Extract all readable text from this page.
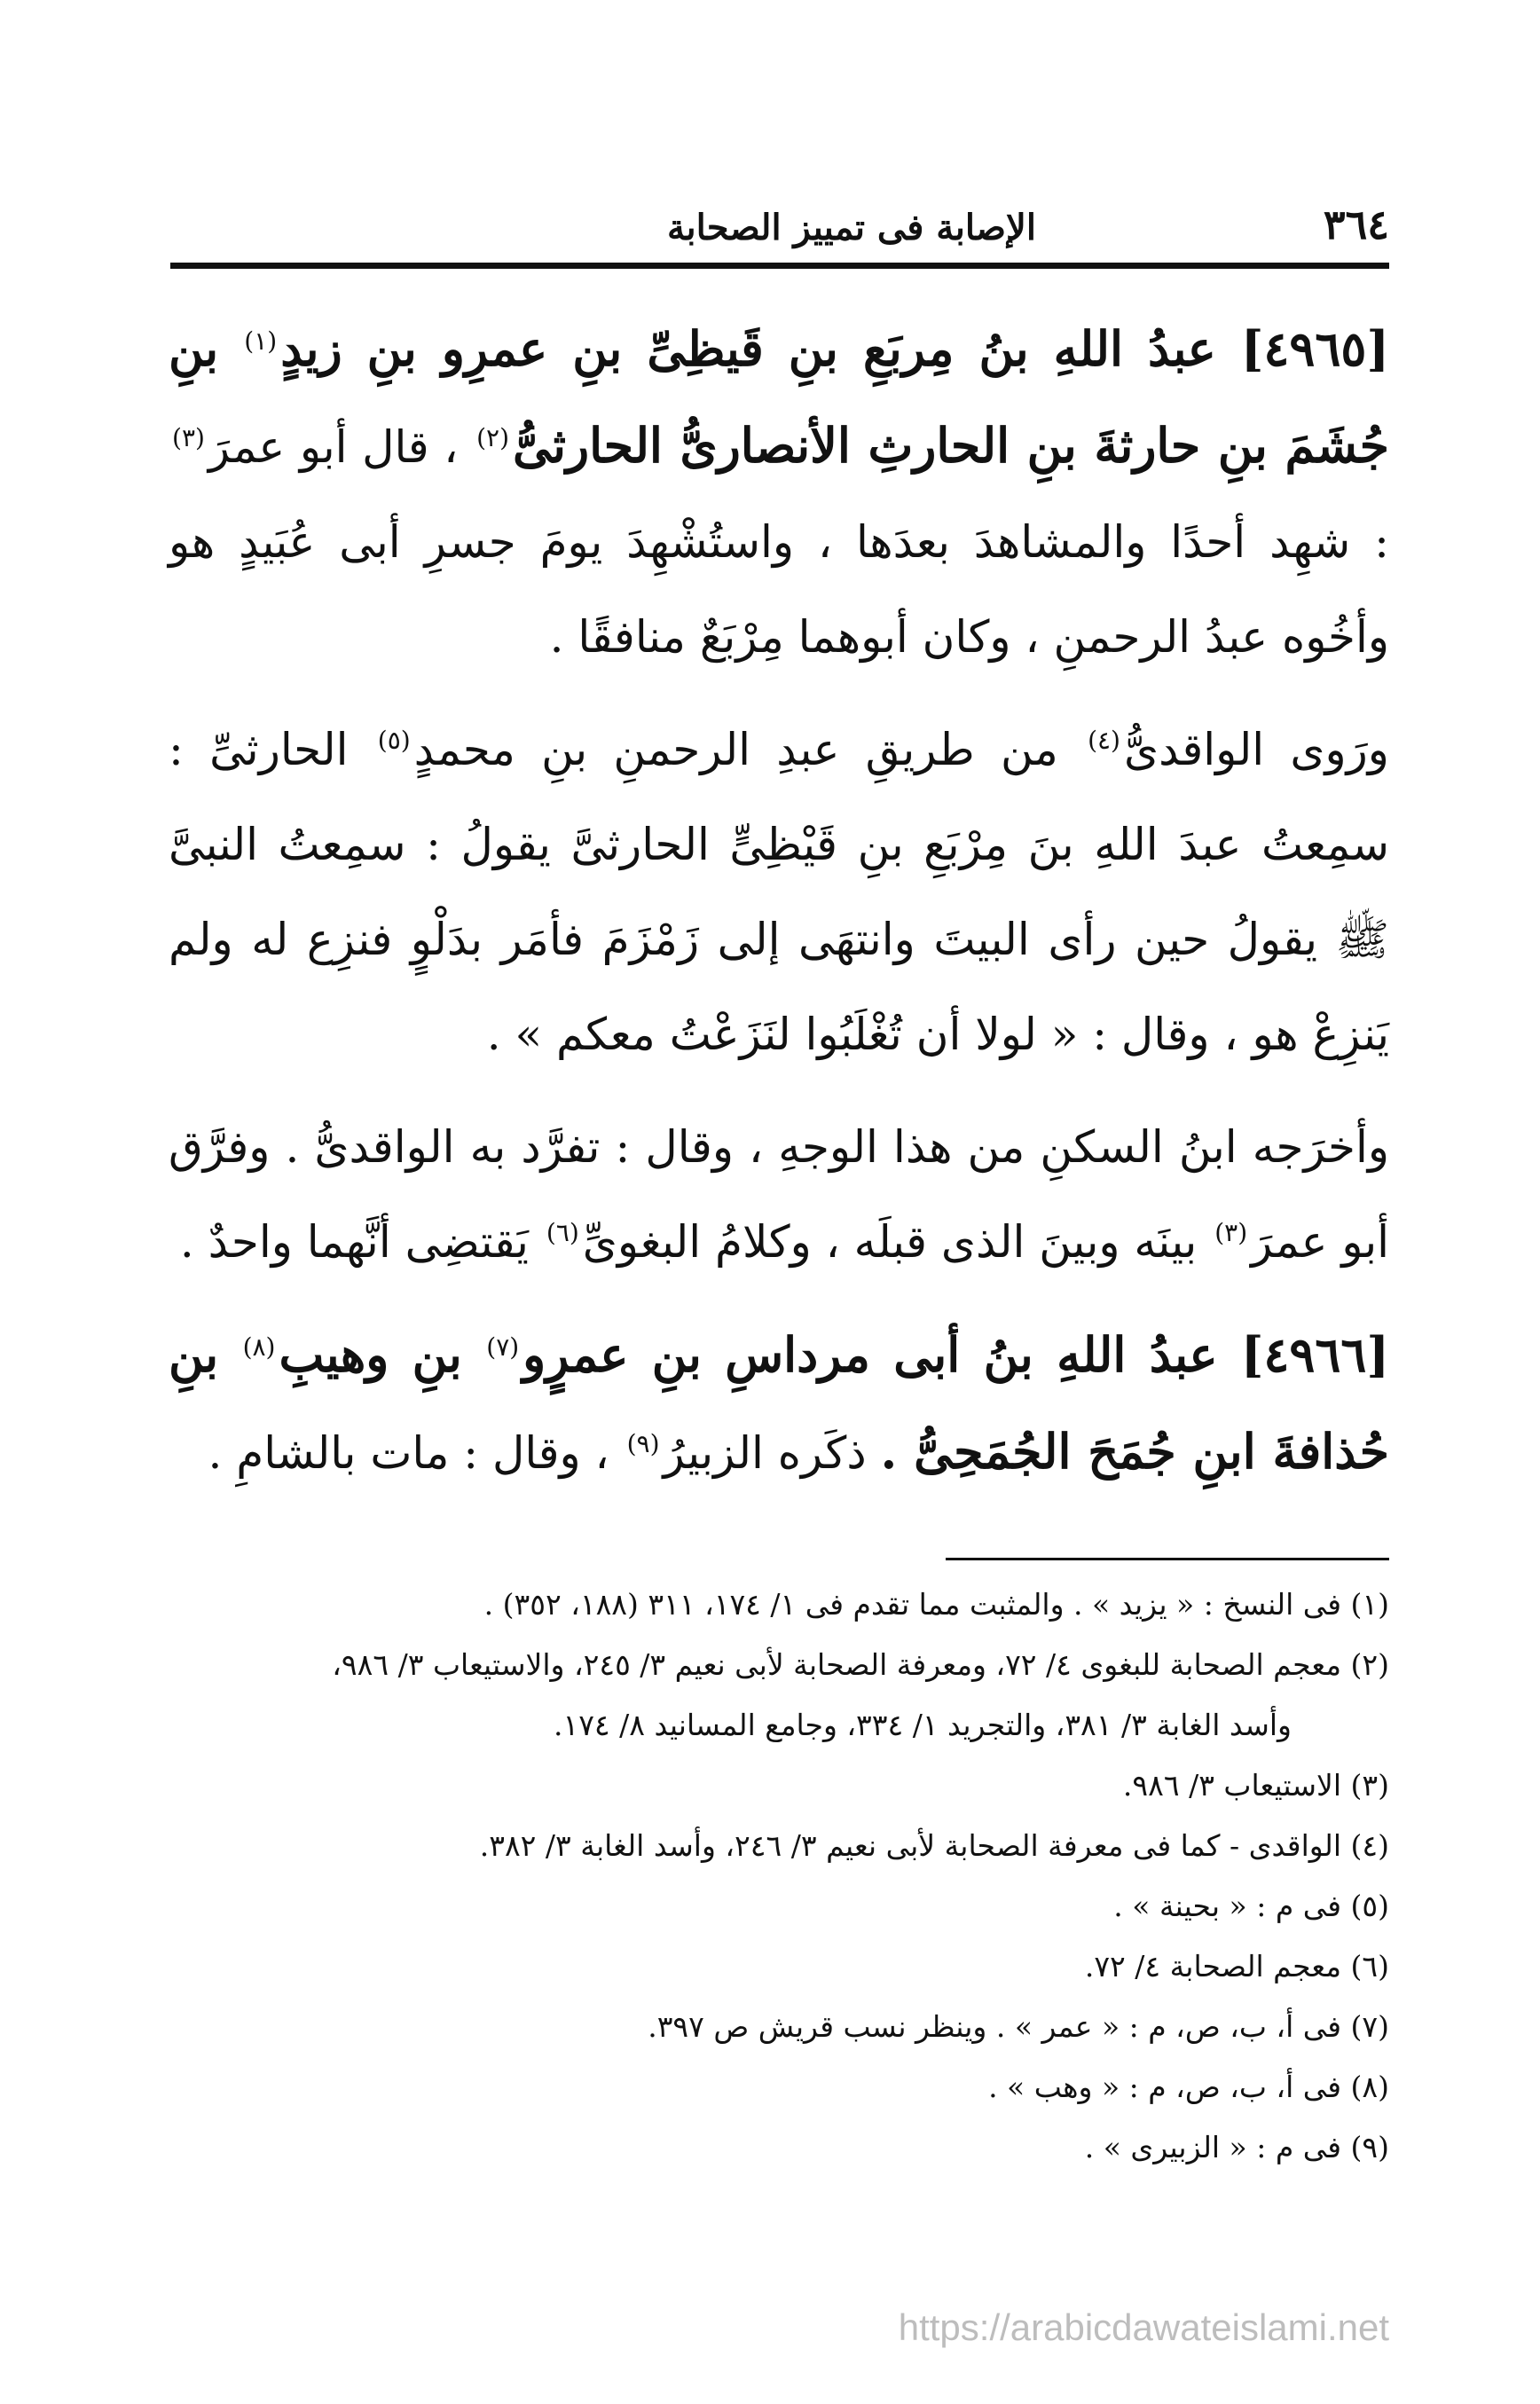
٣٦٤
الإصابة فى تمييز الصحابة

[٤٩٦٥] عبدُ اللهِ بنُ مِربَعِ بنِ قَيظِىِّ بنِ عمرِو بنِ زيدٍ$^{(١)}$ بنِ جُشَمَ بنِ حارثةَ بنِ الحارثِ الأنصارىُّ الحارثىُّ$^{(٢)}$ ، قال أبو عمرَ$^{(٣)}$ : شهِد أحدًا والمشاهدَ بعدَها ، واستُشْهِدَ يومَ جسرِ أبى عُبَيدٍ هو وأخُوه عبدُ الرحمنِ ، وكان أبوهما مِرْبَعٌ منافقًا .

ورَوى الواقدىُّ$^{(٤)}$ من طريقِ عبدِ الرحمنِ بنِ محمدٍ$^{(٥)}$ الحارثىِّ : سمِعتُ عبدَ اللهِ بنَ مِرْبَعِ بنِ قَيْظِىٍّ الحارثىَّ يقولُ : سمِعتُ النبىَّ ﷺ يقولُ حين رأى البيتَ وانتهَى إلى زَمْزَمَ فأمَر بدَلْوٍ فنزِع له ولم يَنزِعْ هو ، وقال : « لولا أن تُغْلَبُوا لنَزَعْتُ معكم » .

وأخرَجه ابنُ السكنِ من هذا الوجهِ ، وقال : تفرَّد به الواقدىُّ . وفرَّق أبو عمرَ$^{(٣)}$ بينَه وبينَ الذى قبلَه ، وكلامُ البغوىِّ$^{(٦)}$ يَقتضِى أنَّهما واحدٌ .

[٤٩٦٦] عبدُ اللهِ بنُ أبى مرداسِ بنِ عمرٍو$^{(٧)}$ بنِ وهيبِ$^{(٨)}$ بنِ حُذافةَ ابنِ جُمَحَ الجُمَحِىُّ . ذكَره الزبيرُ$^{(٩)}$ ، وقال : مات بالشامِ .

(١) فى النسخ : « يزيد » . والمثبت مما تقدم فى ١/ ١٧٤، ٣١١ (١٨٨، ٣٥٢) .

(٢) معجم الصحابة للبغوى ٤/ ٧٢، ومعرفة الصحابة لأبى نعيم ٣/ ٢٤٥، والاستيعاب ٣/ ٩٨٦،

وأسد الغابة ٣/ ٣٨١، والتجريد ١/ ٣٣٤، وجامع المسانيد ٨/ ١٧٤.

(٣) الاستيعاب ٣/ ٩٨٦.

(٤) الواقدى - كما فى معرفة الصحابة لأبى نعيم ٣/ ٢٤٦، وأسد الغابة ٣/ ٣٨٢.

(٥) فى م : « بحينة » .

(٦) معجم الصحابة ٤/ ٧٢.

(٧) فى أ، ب، ص، م : « عمر » . وينظر نسب قريش ص ٣٩٧.

(٨) فى أ، ب، ص، م : « وهب » .

(٩) فى م : « الزبيرى » .

https://arabicdawateislami.net
